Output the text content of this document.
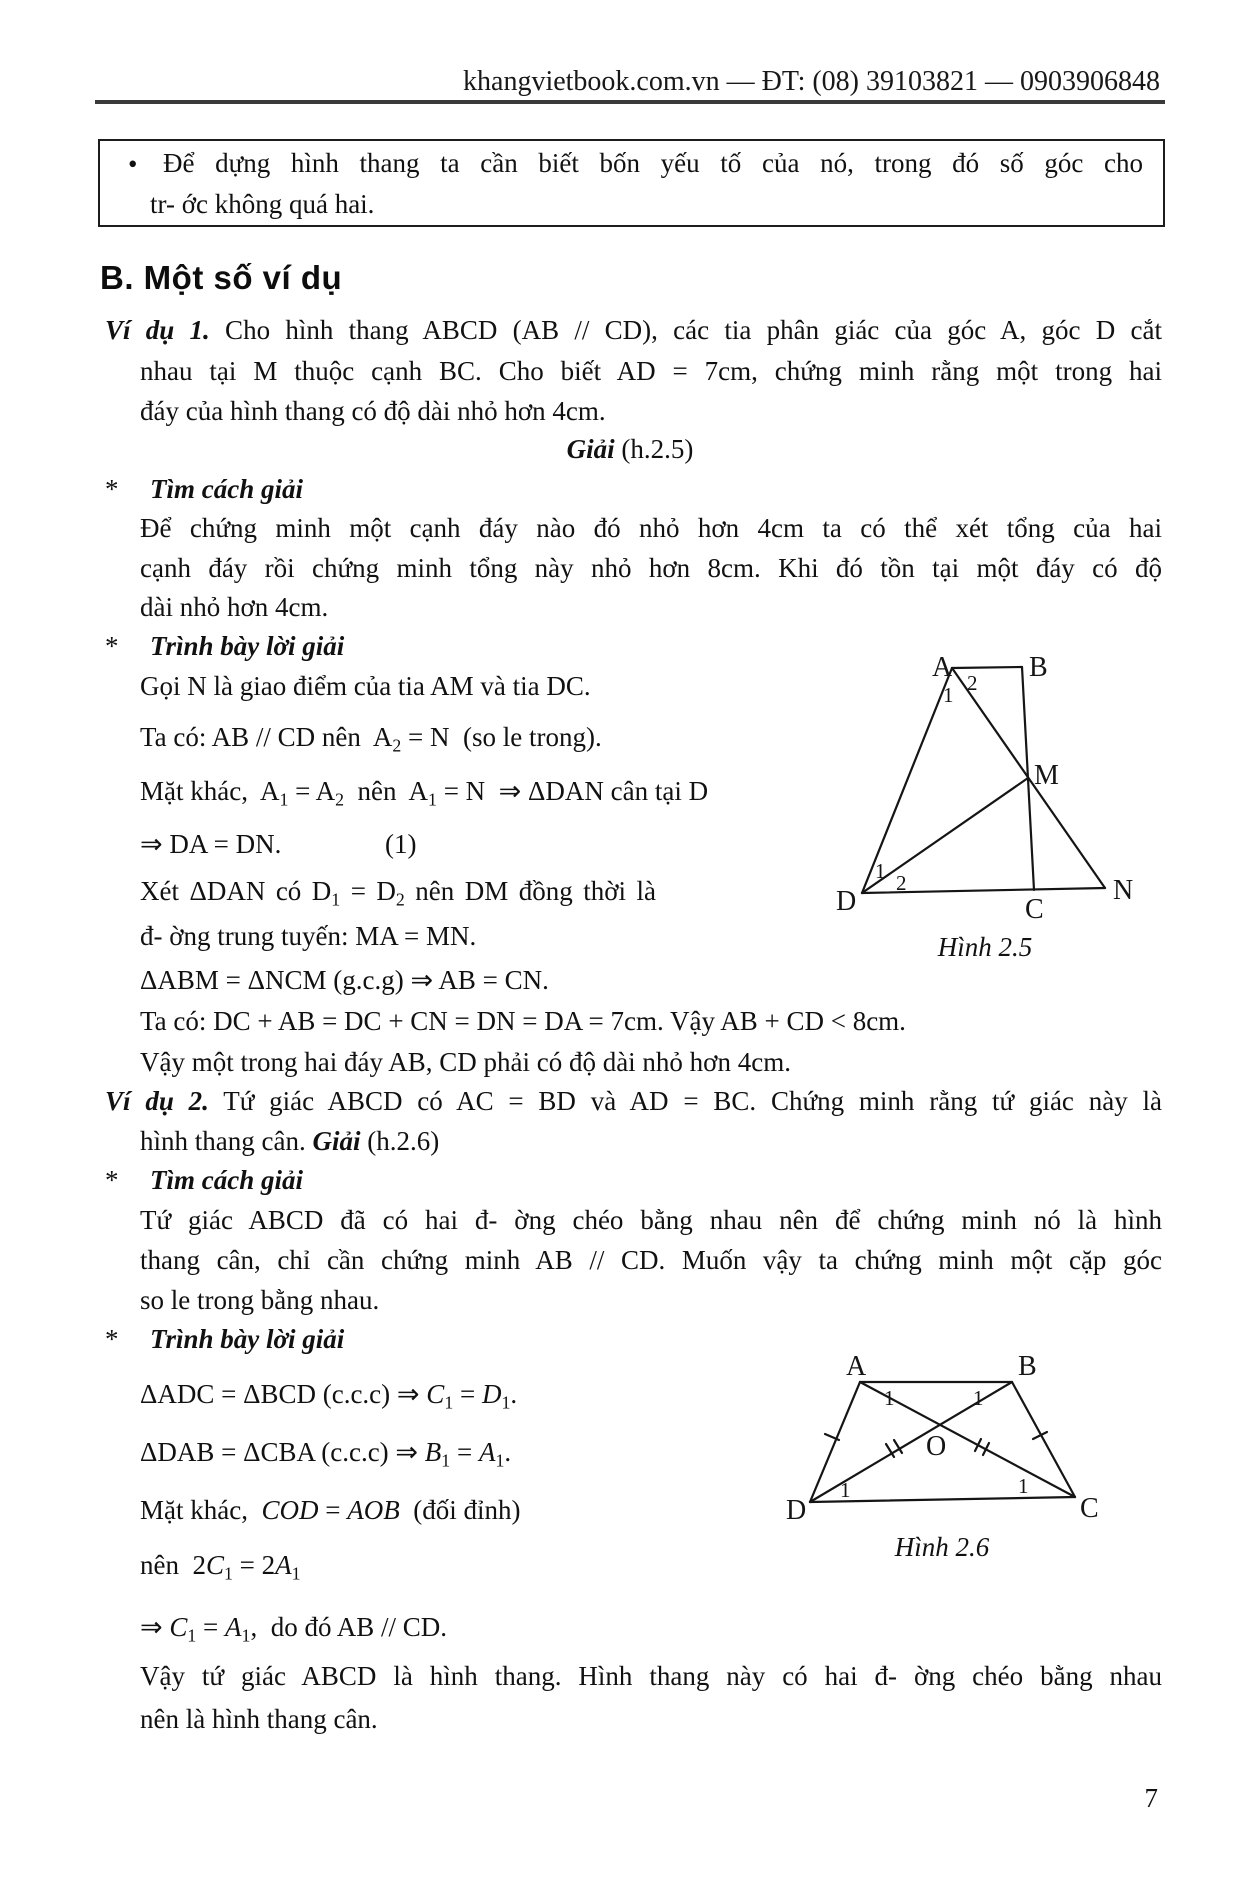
khangvietbook.com.vn — ĐT: (08) 39103821 — 0903906848
• Để dựng hình thang ta cần biết bốn yếu tố của nó, trong đó số góc cho
tr- ớc không quá hai.
B. Một số ví dụ
Ví dụ 1. Cho hình thang ABCD (AB // CD), các tia phân giác của góc A, góc D cắt
nhau tại M thuộc cạnh BC. Cho biết AD = 7cm, chứng minh rằng một trong hai
đáy của hình thang có độ dài nhỏ hơn 4cm.
Giải (h.2.5)
* Tìm cách giải
Để chứng minh một cạnh đáy nào đó nhỏ hơn 4cm ta có thể xét tổng của hai
cạnh đáy rồi chứng minh tổng này nhỏ hơn 8cm. Khi đó tồn tại một đáy có độ
dài nhỏ hơn 4cm.
* Trình bày lời giải
Gọi N là giao điểm của tia AM và tia DC.
Ta có: AB // CD nên  $A_2 = N$  (so le trong).
Mặt khác,  $A_1 = A_2$  nên  $A_1 = N$  ⇒ ΔDAN cân tại D
⇒ DA = DN.	(1)
Xét ΔDAN có $D_1 = D_2$ nên DM đồng thời là
đ- ờng trung tuyến: MA = MN.
ΔABM = ΔNCM (g.c.g) ⇒ AB = CN.
Ta có: DC + AB = DC + CN = DN = DA = 7cm. Vậy AB + CD < 8cm.
Vậy một trong hai đáy AB, CD phải có độ dài nhỏ hơn 4cm.
Ví dụ 2. Tứ giác ABCD có AC = BD và AD = BC. Chứng minh rằng tứ giác này là
hình thang cân. Giải (h.2.6)
* Tìm cách giải
Tứ giác ABCD đã có hai đ- ờng chéo bằng nhau nên để chứng minh nó là hình
thang cân, chỉ cần chứng minh AB // CD. Muốn vậy ta chứng minh một cặp góc
so le trong bằng nhau.
* Trình bày lời giải
ΔADC = ΔBCD (c.c.c) ⇒ $C_1 = D_1$.
ΔDAB = ΔCBA (c.c.c) ⇒ $B_1 = A_1$.
Mặt khác,  COD = AOB  (đối đỉnh)
nên  $2C_1 = 2A_1$
⇒ $C_1 = A_1$,  do đó AB // CD.
Vậy tứ giác ABCD là hình thang. Hình thang này có hai đ- ờng chéo bằng nhau
nên là hình thang cân.
A	B
M
D	C
N
1 2
1 2
Hình 2.5
A	B
O
D	C
1	1
1	1
Hình 2.6
7
